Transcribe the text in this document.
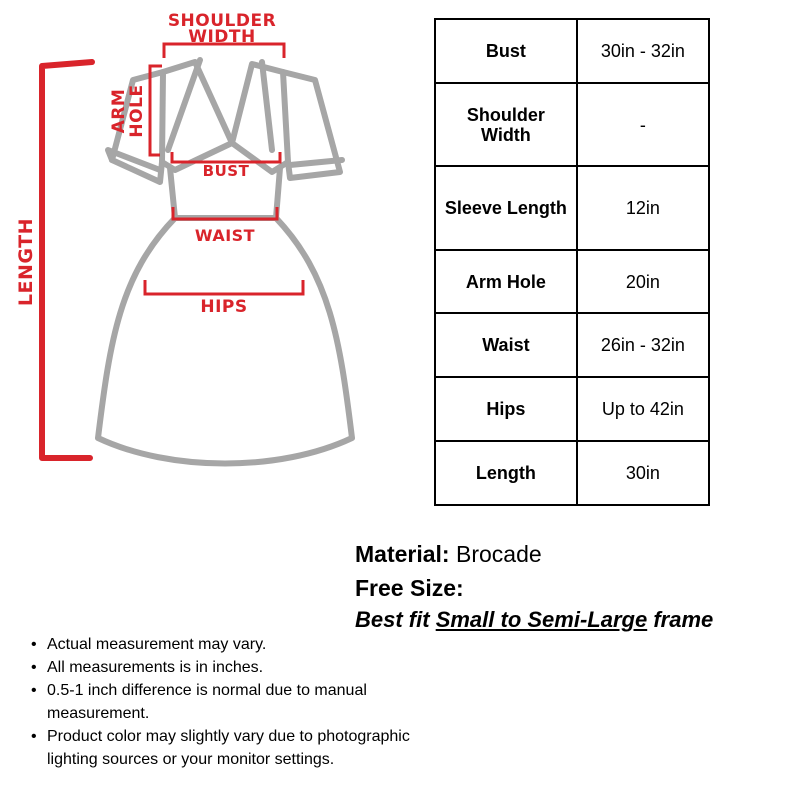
SHOULDER
WIDTH
ARM
HOLE
BUST
WAIST
HIPS
LENGTH
Bust	30in - 32in
Shoulder Width	-
Sleeve Length	12in
Arm Hole	20in
Waist	26in - 32in
Hips	Up to 42in
Length	30in
Material: Brocade
Free Size:
Best fit Small to Semi-Large frame
• Actual measurement may vary.
• All measurements is in inches.
• 0.5-1 inch difference is normal due to manual measurement.
• Product color may slightly vary due to photographic lighting sources or your monitor settings.
